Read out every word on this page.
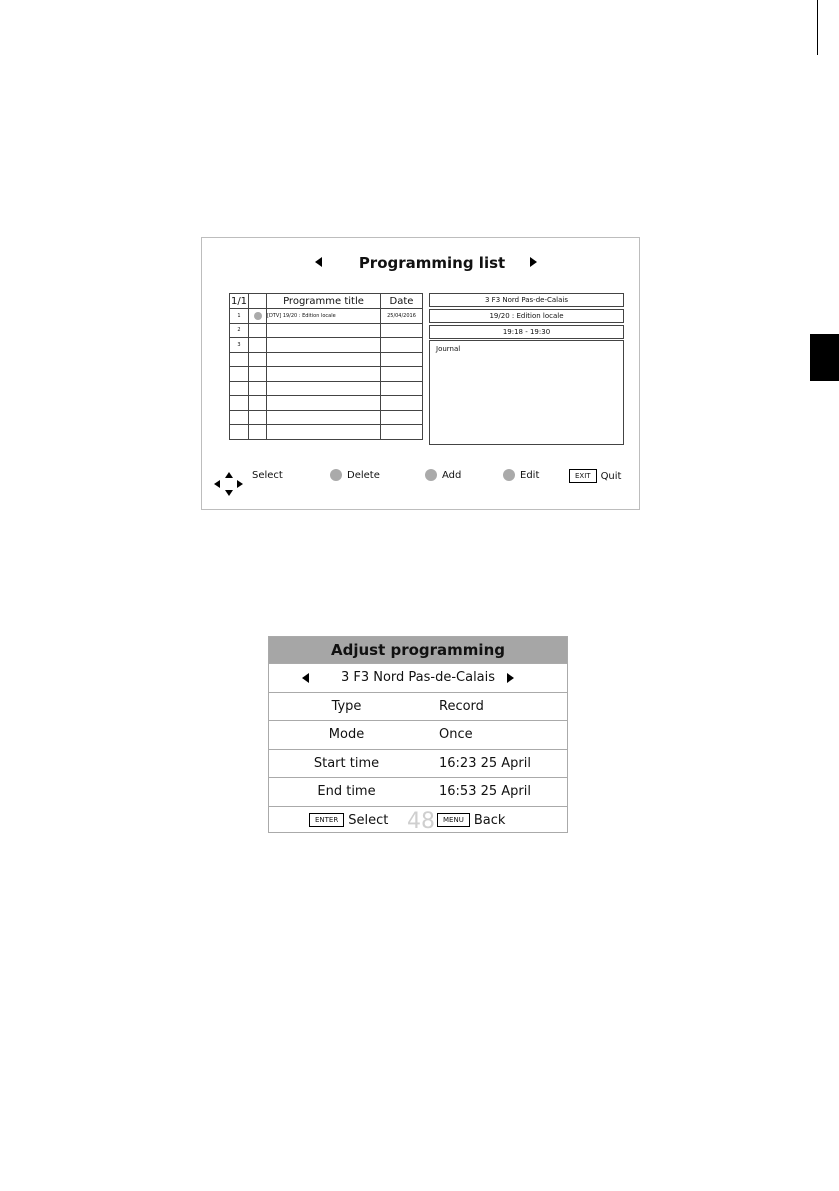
Programming list
1/1		Programme title	Date
1		[DTV] 19/20 : Edition locale	25/04/2016
2			
3			

3 F3 Nord Pas-de-Calais
19/20 : Edition locale
19:18 - 19:30
Journal
Select	Delete	Add	Edit	EXIT Quit
Adjust programming
3 F3 Nord Pas-de-Calais
Type	Record
Mode	Once
Start time	16:23 25 April
End time	16:53 25 April
ENTER Select 48	MENU Back
